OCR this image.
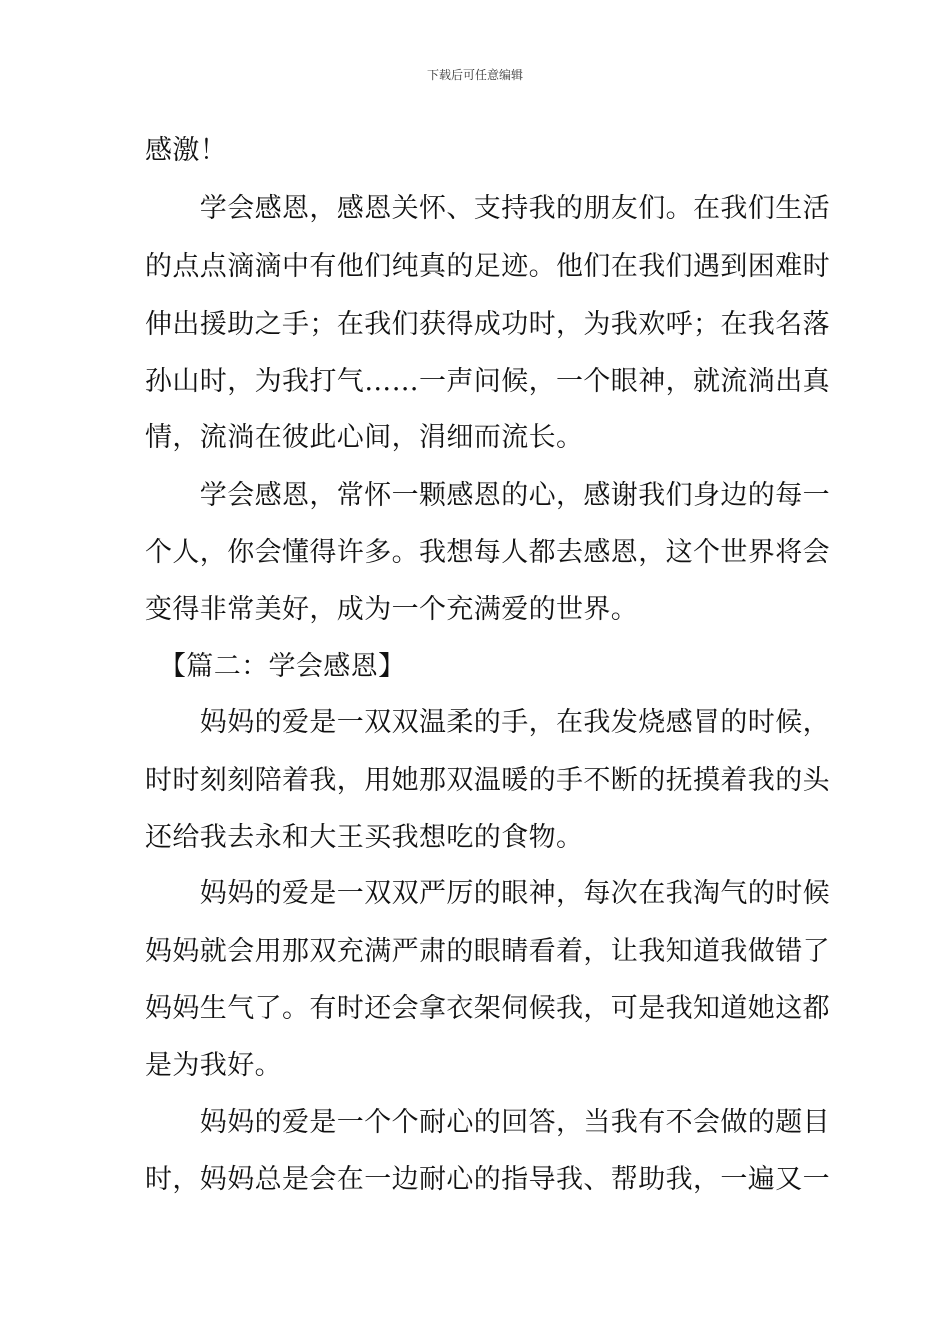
下载后可任意编辑
感激！
　　学会感恩，感恩关怀、支持我的朋友们。在我们生活
的点点滴滴中有他们纯真的足迹。他们在我们遇到困难时
伸出援助之手；在我们获得成功时，为我欢呼；在我名落
孙山时，为我打气……一声问候，一个眼神，就流淌出真
情，流淌在彼此心间，涓细而流长。
　　学会感恩，常怀一颗感恩的心，感谢我们身边的每一
个人，你会懂得许多。我想每人都去感恩，这个世界将会
变得非常美好，成为一个充满爱的世界。
　【篇二：学会感恩】
　　妈妈的爱是一双双温柔的手，在我发烧感冒的时候，
时时刻刻陪着我，用她那双温暖的手不断的抚摸着我的头
还给我去永和大王买我想吃的食物。
　　妈妈的爱是一双双严厉的眼神，每次在我淘气的时候
妈妈就会用那双充满严肃的眼睛看着，让我知道我做错了
妈妈生气了。有时还会拿衣架伺候我，可是我知道她这都
是为我好。
　　妈妈的爱是一个个耐心的回答，当我有不会做的题目
时，妈妈总是会在一边耐心的指导我、帮助我，一遍又一
